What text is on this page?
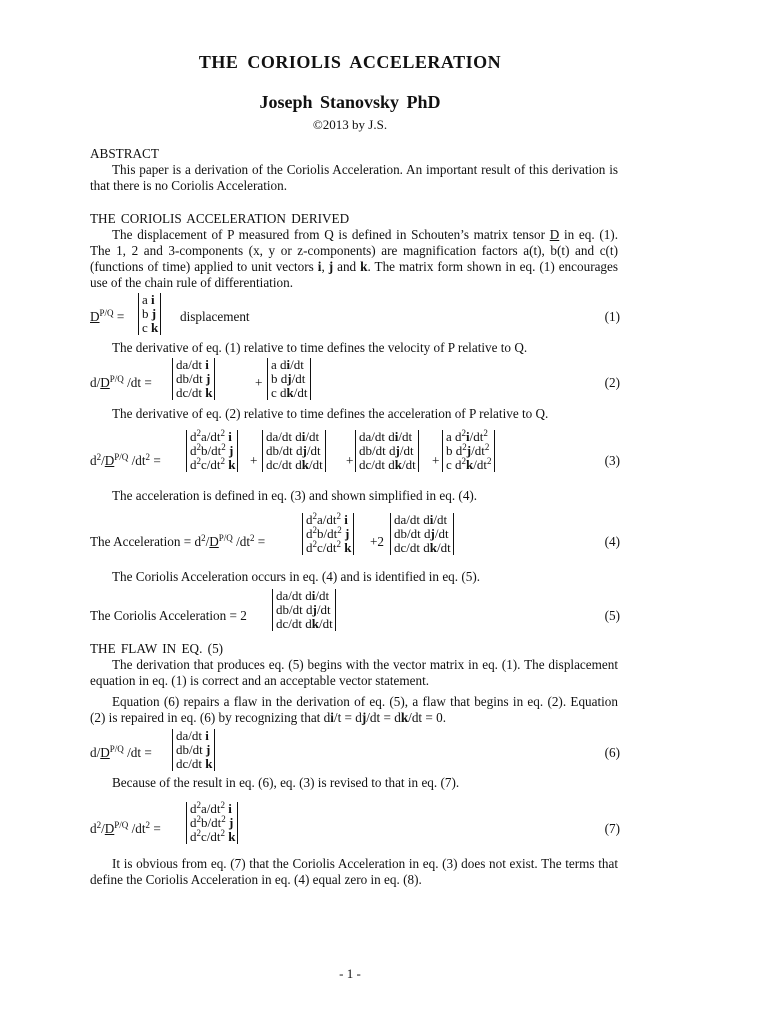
THE CORIOLIS ACCELERATION
Joseph Stanovsky PhD
©2013 by J.S.
ABSTRACT
This paper is a derivation of the Coriolis Acceleration. An important result of this derivation is that there is no Coriolis Acceleration.
THE CORIOLIS ACCELERATION DERIVED
The displacement of P measured from Q is defined in Schouten’s matrix tensor D in eq. (1). The 1, 2 and 3-components (x, y or z-components) are magnification factors a(t), b(t) and c(t) (functions of time) applied to unit vectors i, j and k. The matrix form shown in eq. (1) encourages use of the chain rule of differentiation.
$D^{P/Q}$ =
a i
b j
c k
displacement	(1)
The derivative of eq. (1) relative to time defines the velocity of P relative to Q.
$d/D^{P/Q}$ /dt =
da/dt i
db/dt j
dc/dt k
+
a di/dt
b dj/dt
c dk/dt
(2)
The derivative of eq. (2) relative to time defines the acceleration of P relative to Q.
$d^2/D^{P/Q}$ $/dt^2$ =
$d^2a/dt^2$ i
$d^2b/dt^2$ j
$d^2c/dt^2$ k +
da/dt di/dt
db/dt dj/dt
dc/dt dk/dt +
da/dt di/dt
db/dt dj/dt
dc/dt dk/dt +
a $d^2i/dt^2$
b $d^2j/dt^2$
c $d^2k/dt^2$	(3)
The acceleration is defined in eq. (3) and shown simplified in eq. (4).
The Acceleration = $d^2/D^{P/Q}$ $/dt^2$ =
$d^2a/dt^2$ i
$d^2b/dt^2$ j
$d^2c/dt^2$ k +2
da/dt di/dt
db/dt dj/dt
dc/dt dk/dt	(4)
The Coriolis Acceleration occurs in eq. (4) and is identified in eq. (5).
The Coriolis Acceleration = 2
da/dt di/dt
db/dt dj/dt
dc/dt dk/dt
(5)
THE FLAW IN EQ. (5)
The derivation that produces eq. (5) begins with the vector matrix in eq. (1). The displacement equation in eq. (1) is correct and an acceptable vector statement.
Equation (6) repairs a flaw in the derivation of eq. (5), a flaw that begins in eq. (2). Equation (2) is repaired in eq. (6) by recognizing that di/t = dj/dt = dk/dt = 0.
$d/D^{P/Q}$ /dt =
da/dt i
db/dt j
dc/dt k
(6)
Because of the result in eq. (6), eq. (3) is revised to that in eq. (7).
$d^2/D^{P/Q}$ $/dt^2$ =
$d^2a/dt^2$ i
$d^2b/dt^2$ j
$d^2c/dt^2$ k
(7)
It is obvious from eq. (7) that the Coriolis Acceleration in eq. (3) does not exist. The terms that define the Coriolis Acceleration in eq. (4) equal zero in eq. (8).
- 1 -
